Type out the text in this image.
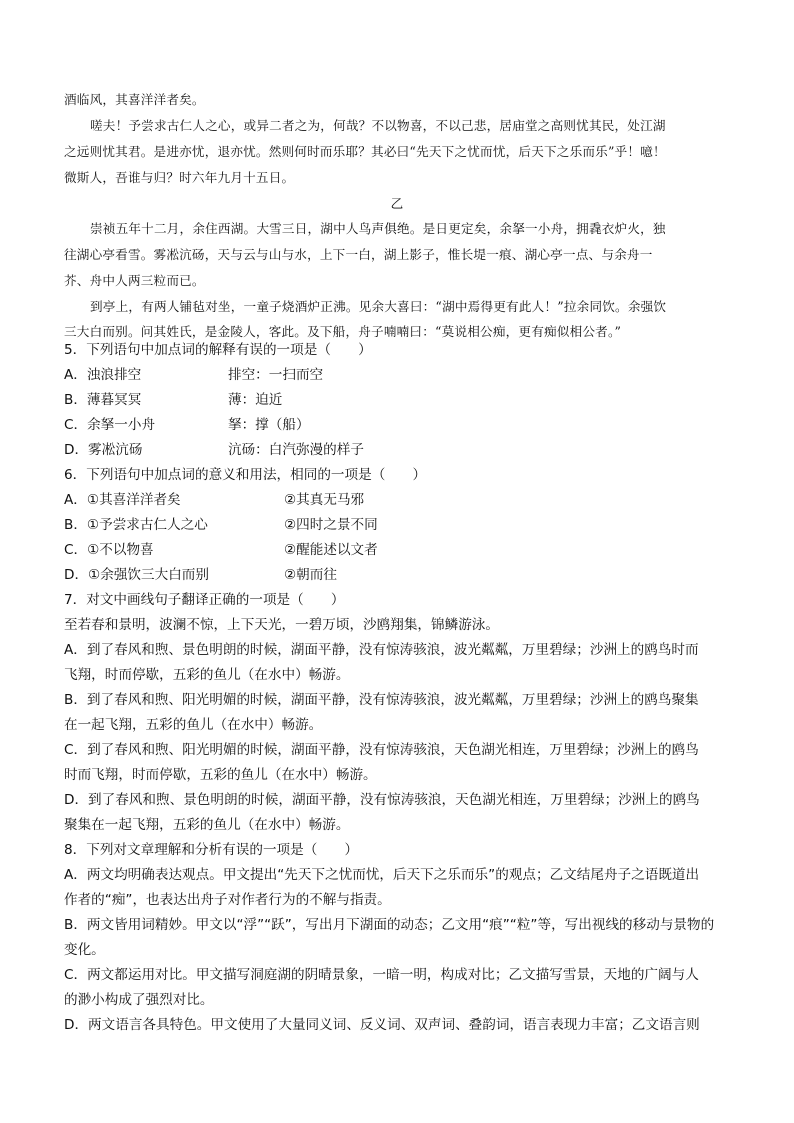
酒临风，其喜洋洋者矣。
嗟夫！予尝求古仁人之心，或异二者之为，何哉？不以物喜，不以己悲，居庙堂之高则忧其民，处江湖
之远则忧其君。是进亦忧，退亦忧。然则何时而乐耶？其必曰“先天下之忧而忧，后天下之乐而乐”乎！噫！
微斯人，吾谁与归？时六年九月十五日。
乙
崇祯五年十二月，余住西湖。大雪三日，湖中人鸟声俱绝。是日更定矣，余拏一小舟，拥毳衣炉火，独
往湖心亭看雪。雾凇沆砀，天与云与山与水，上下一白，湖上影子，惟长堤一痕、湖心亭一点、与余舟一
芥、舟中人两三粒而已。
到亭上，有两人铺毡对坐，一童子烧酒炉正沸。见余大喜曰：“湖中焉得更有此人！”拉余同饮。余强饮
三大白而别。问其姓氏，是金陵人，客此。及下船，舟子喃喃曰：“莫说相公痴，更有痴似相公者。”
5．下列语句中加点词的解释有误的一项是（　　）
A．浊浪排空	排空：一扫而空
B．薄暮冥冥	薄：迫近
C．余拏一小舟	拏：撑（船）
D．雾凇沆砀	沆砀：白汽弥漫的样子
6．下列语句中加点词的意义和用法，相同的一项是（　　）
A．①其喜洋洋者矣	②其真无马邪
B．①予尝求古仁人之心	②四时之景不同
C．①不以物喜	②醒能述以文者
D．①余强饮三大白而别	②朝而往
7．对文中画线句子翻译正确的一项是（　　）
至若春和景明，波澜不惊，上下天光，一碧万顷，沙鸥翔集，锦鳞游泳。
A．到了春风和煦、景色明朗的时候，湖面平静，没有惊涛骇浪，波光粼粼，万里碧绿；沙洲上的鸥鸟时而
飞翔，时而停歇，五彩的鱼儿（在水中）畅游。
B．到了春风和煦、阳光明媚的时候，湖面平静，没有惊涛骇浪，波光粼粼，万里碧绿；沙洲上的鸥鸟聚集
在一起飞翔，五彩的鱼儿（在水中）畅游。
C．到了春风和煦、阳光明媚的时候，湖面平静，没有惊涛骇浪，天色湖光相连，万里碧绿；沙洲上的鸥鸟
时而飞翔，时而停歇，五彩的鱼儿（在水中）畅游。
D．到了春风和煦、景色明朗的时候，湖面平静，没有惊涛骇浪，天色湖光相连，万里碧绿；沙洲上的鸥鸟
聚集在一起飞翔，五彩的鱼儿（在水中）畅游。
8．下列对文章理解和分析有误的一项是（　　）
A．两文均明确表达观点。甲文提出“先天下之忧而忧，后天下之乐而乐”的观点；乙文结尾舟子之语既道出
作者的“痴”，也表达出舟子对作者行为的不解与指责。
B．两文皆用词精妙。甲文以“浮”“跃”，写出月下湖面的动态；乙文用“痕”“粒”等，写出视线的移动与景物的
变化。
C．两文都运用对比。甲文描写洞庭湖的阴晴景象，一暗一明，构成对比；乙文描写雪景，天地的广阔与人
的渺小构成了强烈对比。
D．两文语言各具特色。甲文使用了大量同义词、反义词、双声词、叠韵词，语言表现力丰富；乙文语言则
